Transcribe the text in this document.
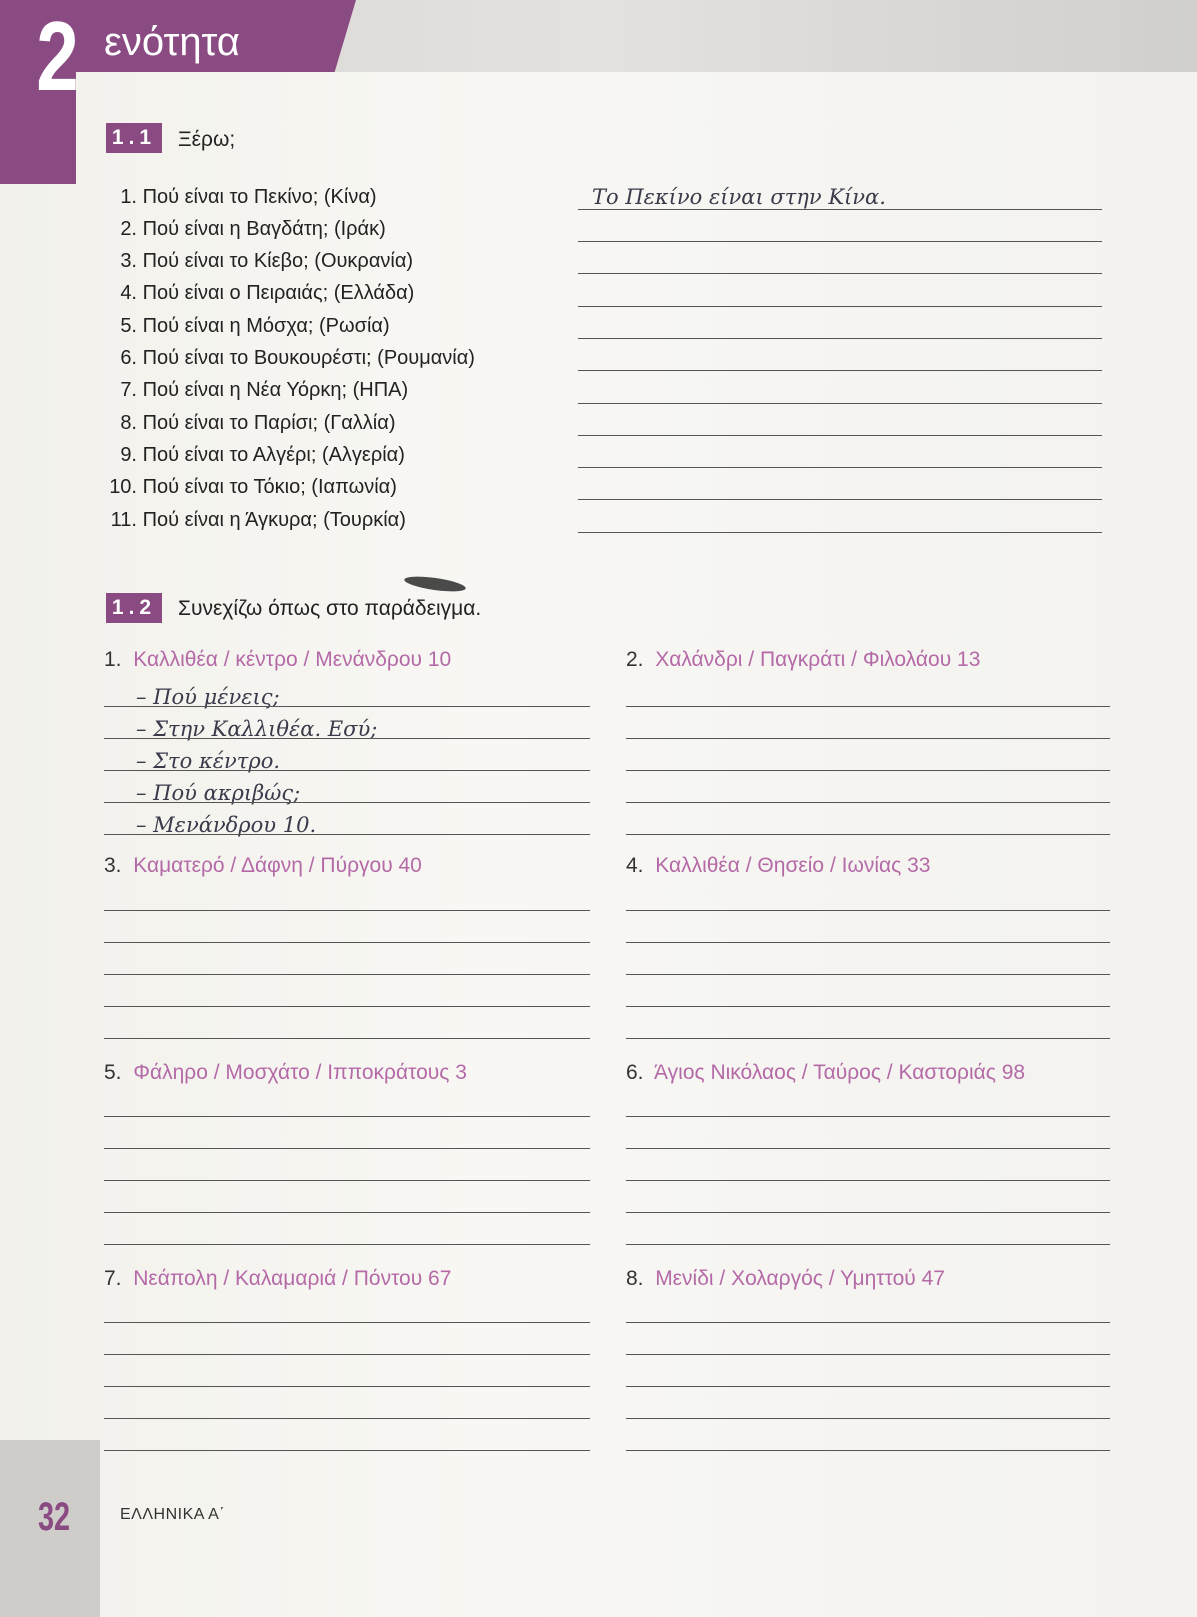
2 ενότητα
1.1 Ξέρω;
1. Πού είναι το Πεκίνο; (Κίνα)
2. Πού είναι η Βαγδάτη; (Ιράκ)
3. Πού είναι το Κίεβο; (Ουκρανία)
4. Πού είναι ο Πειραιάς; (Ελλάδα)
5. Πού είναι η Μόσχα; (Ρωσία)
6. Πού είναι το Βουκουρέστι; (Ρουμανία)
7. Πού είναι η Νέα Υόρκη; (ΗΠΑ)
8. Πού είναι το Παρίσι; (Γαλλία)
9. Πού είναι το Αλγέρι; (Αλγερία)
10. Πού είναι το Τόκιο; (Ιαπωνία)
11. Πού είναι η Άγκυρα; (Τουρκία)
Το Πεκίνο είναι στην Κίνα.
1.2 Συνεχίζω όπως στο παράδειγμα.
1. Καλλιθέα / κέντρο / Μενάνδρου 10
– Πού μένεις;
– Στην Καλλιθέα. Εσύ;
– Στο κέντρο.
– Πού ακριβώς;
– Μενάνδρου 10.
2. Χαλάνδρι / Παγκράτι / Φιλολάου 13
3. Καματερό / Δάφνη / Πύργου 40	4. Καλλιθέα / Θησείο / Ιωνίας 33
5. Φάληρο / Μοσχάτο / Ιπποκράτους 3	6. Άγιος Νικόλαος / Ταύρος / Καστοριάς 98
7. Νεάπολη / Καλαμαριά / Πόντου 67	8. Μενίδι / Χολαργός / Υμηττού 47
32	ΕΛΛΗΝΙΚΑ Α΄
